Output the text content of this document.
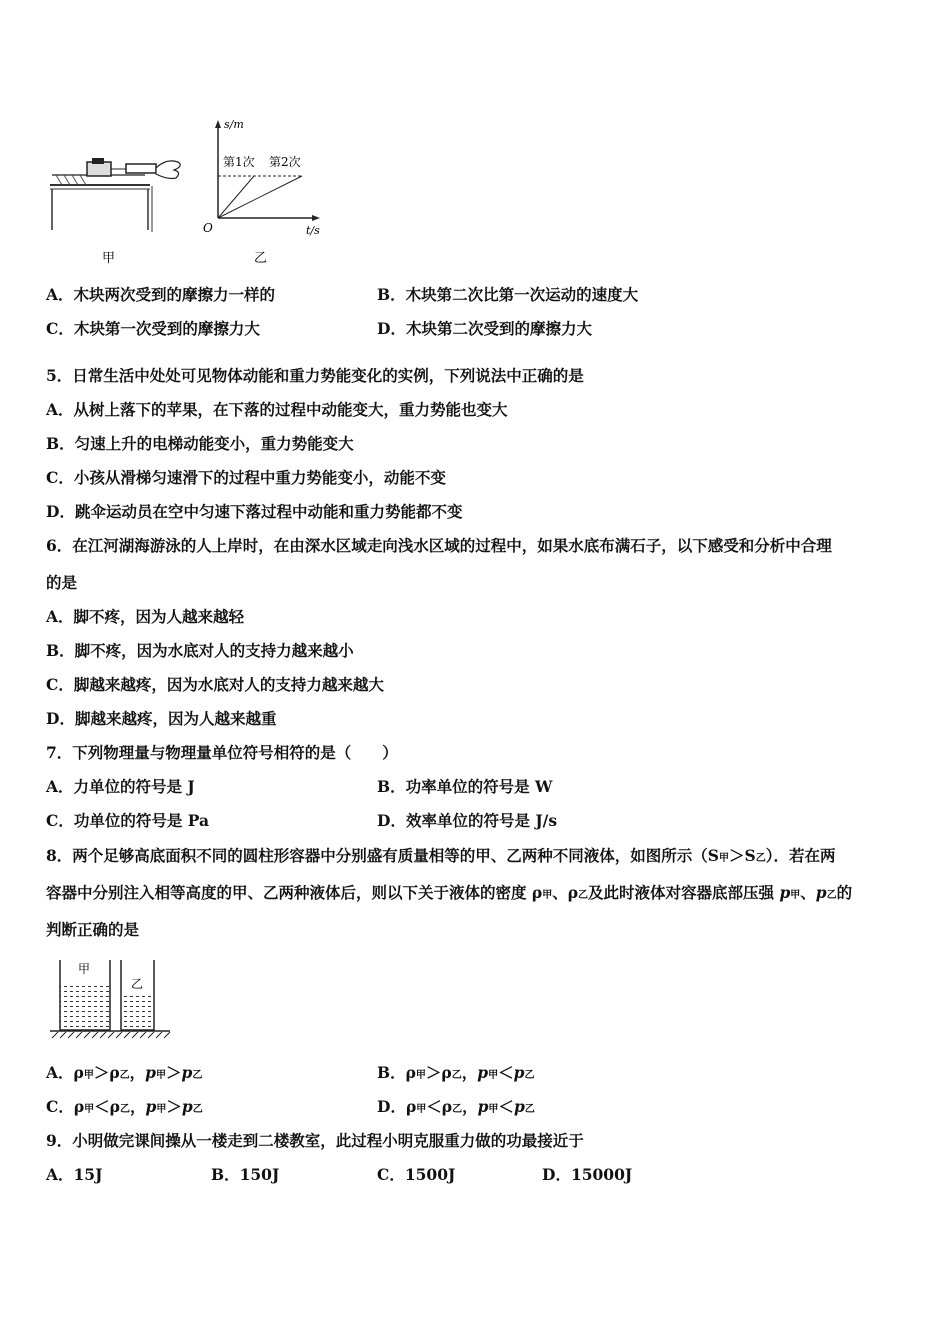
甲
s/m
t/s
O
第1次 第2次
乙
A．木块两次受到的摩擦力一样的	B．木块第二次比第一次运动的速度大
C．木块第一次受到的摩擦力大	D．木块第二次受到的摩擦力大
5．日常生活中处处可见物体动能和重力势能变化的实例，下列说法中正确的是
A．从树上落下的苹果，在下落的过程中动能变大，重力势能也变大
B．匀速上升的电梯动能变小，重力势能变大
C．小孩从滑梯匀速滑下的过程中重力势能变小，动能不变
D．跳伞运动员在空中匀速下落过程中动能和重力势能都不变
6．在江河湖海游泳的人上岸时，在由深水区域走向浅水区域的过程中，如果水底布满石子，以下感受和分析中合理
的是
A．脚不疼，因为人越来越轻
B．脚不疼，因为水底对人的支持力越来越小
C．脚越来越疼，因为水底对人的支持力越来越大
D．脚越来越疼，因为人越来越重
7．下列物理量与物理量单位符号相符的是（　　）
A．力单位的符号是 J	B．功率单位的符号是 W
C．功单位的符号是 Pa	D．效率单位的符号是 J/s
8．两个足够高底面积不同的圆柱形容器中分别盛有质量相等的甲、乙两种不同液体，如图所示（S甲＞S乙）．若在两
容器中分别注入相等高度的甲、乙两种液体后，则以下关于液体的密度 ρ甲、ρ乙及此时液体对容器底部压强 p甲、p乙的
判断正确的是
甲
乙
A．ρ甲＞ρ乙，p甲＞p乙	B．ρ甲＞ρ乙，p甲＜p乙
C．ρ甲＜ρ乙，p甲＞p乙	D．ρ甲＜ρ乙，p甲＜p乙
9．小明做完课间操从一楼走到二楼教室，此过程小明克服重力做的功最接近于
A．15J	B．150J	C．1500J	D．15000J
